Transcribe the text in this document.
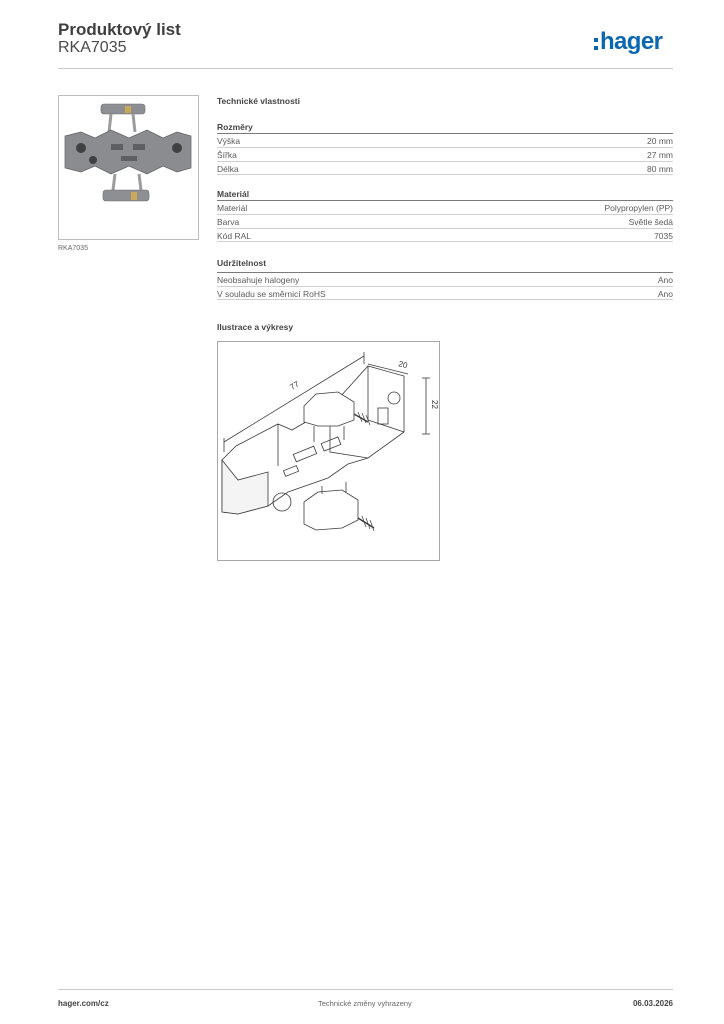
Produktový list
RKA7035	hager
RKA7035
Technické vlastnosti
Rozměry
Výška	20 mm
Šířka	27 mm
Délka	80 mm
Materiál
Materiál	Polypropylen (PP)
Barva	Světle šedá
Kód RAL	7035
Udržitelnost
Neobsahuje halogeny	Ano
V souladu se směrnicí RoHS	Ano
Ilustrace a výkresy
77
20
22
hager.com/cz	Technické změny vyhrazeny	06.03.2026
